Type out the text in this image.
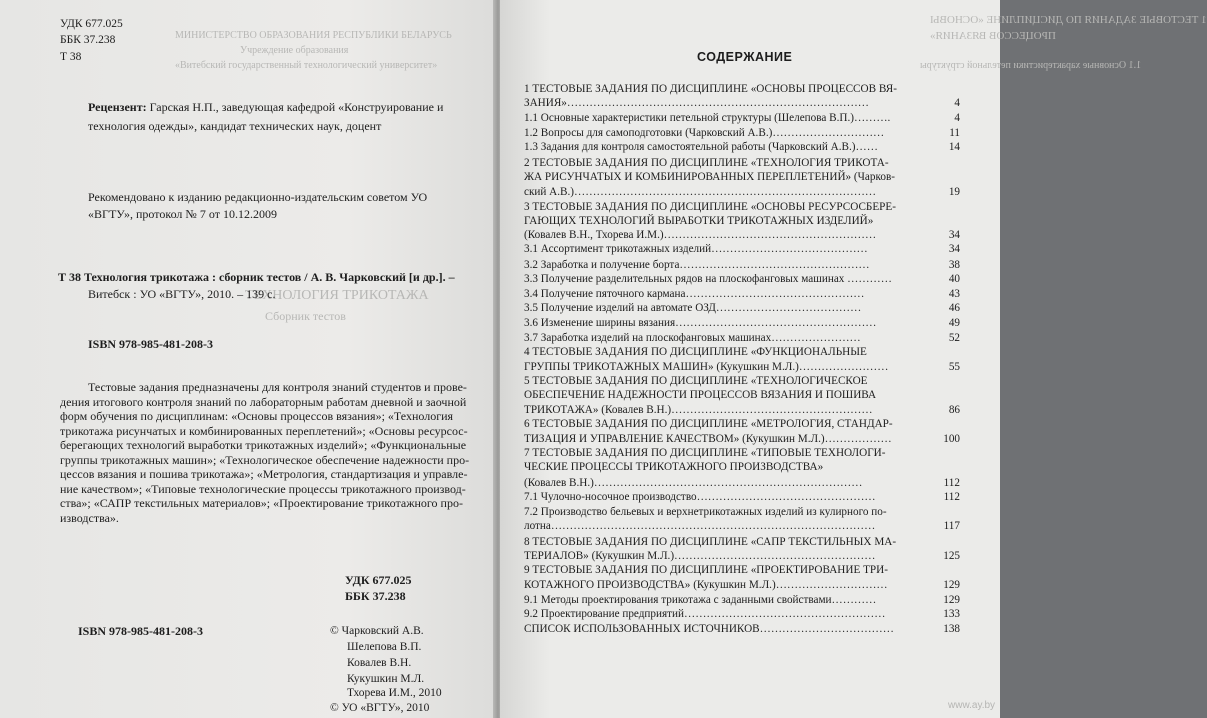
МИНИСТЕРСТВО ОБРАЗОВАНИЯ РЕСПУБЛИКИ БЕЛАРУСЬ
Учреждение образования
«Витебский государственный технологический университет»
ТЕХНОЛОГИЯ ТРИКОТАЖА
Сборник тестов
УДК 677.025
ББК 37.238
Т 38
Рецензент: Гарская Н.П., заведующая кафедрой «Конструирование и
технология одежды», кандидат технических наук, доцент
Рекомендовано к изданию редакционно-издательским советом УО
«ВГТУ», протокол № 7 от 10.12.2009
Т 38 Технология трикотажа : сборник тестов / А. В. Чарковский [и др.]. –
Витебск : УО «ВГТУ», 2010. – 139 с.
ISBN 978-985-481-208-3
Тестовые задания предназначены для контроля знаний студентов и прове-
дения итогового контроля знаний по лабораторным работам дневной и заочной
форм обучения по дисциплинам: «Основы процессов вязания»; «Технология
трикотажа рисунчатых и комбинированных переплетений»; «Основы ресурсос-
берегающих технологий выработки трикотажных изделий»; «Функциональные
группы трикотажных машин»; «Технологическое обеспечение надежности про-
цессов вязания и пошива трикотажа»; «Метрология, стандартизация и управле-
ние качеством»; «Типовые технологические процессы трикотажного производ-
ства»; «САПР текстильных материалов»; «Проектирование трикотажного про-
изводства».
УДК 677.025
ББК 37.238
ISBN 978-985-481-208-3	© Чарковский А.В.
Шелепова В.П.
Ковалев В.Н.
Кукушкин М.Л.
Тхорева И.М., 2010
© УО «ВГТУ», 2010
1 ТЕСТОВЫЕ ЗАДАНИЯ ПО ДИСЦИПЛИНЕ «ОСНОВЫ
ПРОЦЕССОВ ВЯЗАНИЯ»
1.1 Основные характеристики петельной структуры
www.ay.by
СОДЕРЖАНИЕ
1 ТЕСТОВЫЕ ЗАДАНИЯ ПО ДИСЦИПЛИНЕ «ОСНОВЫ ПРОЦЕССОВ ВЯ-
ЗАНИЯ»………………………………………………………………………	4
1.1 Основные характеристики петельной структуры (Шелепова В.П.)……….	4
1.2 Вопросы для самоподготовки (Чарковский А.В.)…………………………	11
1.3 Задания для контроля самостоятельной работы (Чарковский А.В.)……	14
2 ТЕСТОВЫЕ ЗАДАНИЯ ПО ДИСЦИПЛИНЕ «ТЕХНОЛОГИЯ ТРИКОТА-
ЖА РИСУНЧАТЫХ И КОМБИНИРОВАННЫХ ПЕРЕПЛЕТЕНИЙ» (Чарков-
ский А.В.)………………………………………………………………………	19
3 ТЕСТОВЫЕ ЗАДАНИЯ ПО ДИСЦИПЛИНЕ «ОСНОВЫ РЕСУРСОСБЕРЕ-
ГАЮЩИХ ТЕХНОЛОГИЙ ВЫРАБОТКИ ТРИКОТАЖНЫХ ИЗДЕЛИЙ»
(Ковалев В.Н., Тхорева И.М.)…………………………………………………	34
3.1 Ассортимент трикотажных изделий……………………………………	34
3.2 Заработка и получение борта……………………………………………	38
3.3 Получение разделительных рядов на плоскофанговых машинах …………	40
3.4 Получение пяточного кармана…………………………………………	43
3.5 Получение изделий на автомате ОЗД…………………………………	46
3.6 Изменение ширины вязания………………………………………………	49
3.7 Заработка изделий на плоскофанговых машинах……………………	52
4 ТЕСТОВЫЕ ЗАДАНИЯ ПО ДИСЦИПЛИНЕ «ФУНКЦИОНАЛЬНЫЕ
ГРУППЫ ТРИКОТАЖНЫХ МАШИН» (Кукушкин М.Л.)……………………	55
5 ТЕСТОВЫЕ ЗАДАНИЯ ПО ДИСЦИПЛИНЕ «ТЕХНОЛОГИЧЕСКОЕ
ОБЕСПЕЧЕНИЕ НАДЕЖНОСТИ ПРОЦЕССОВ ВЯЗАНИЯ И ПОШИВА
ТРИКОТАЖА» (Ковалев В.Н.)………………………………………………	86
6 ТЕСТОВЫЕ ЗАДАНИЯ ПО ДИСЦИПЛИНЕ «МЕТРОЛОГИЯ, СТАНДАР-
ТИЗАЦИЯ И УПРАВЛЕНИЕ КАЧЕСТВОМ» (Кукушкин М.Л.)………………	100
7 ТЕСТОВЫЕ ЗАДАНИЯ ПО ДИСЦИПЛИНЕ «ТИПОВЫЕ ТЕХНОЛОГИ-
ЧЕСКИЕ ПРОЦЕССЫ ТРИКОТАЖНОГО ПРОИЗВОДСТВА»
(Ковалев В.Н.)………………………………………………………………	112
7.1 Чулочно-носочное производство…………………………………………	112
7.2 Производство бельевых и верхнетрикотажных изделий из кулирного по-
лотна……………………………………………………………………………	117
8 ТЕСТОВЫЕ ЗАДАНИЯ ПО ДИСЦИПЛИНЕ «САПР ТЕКСТИЛЬНЫХ МА-
ТЕРИАЛОВ» (Кукушкин М.Л.)………………………………………………	125
9 ТЕСТОВЫЕ ЗАДАНИЯ ПО ДИСЦИПЛИНЕ «ПРОЕКТИРОВАНИЕ ТРИ-
КОТАЖНОГО ПРОИЗВОДСТВА» (Кукушкин М.Л.)…………………………	129
9.1 Методы проектирования трикотажа с заданными свойствами…………	129
9.2 Проектирование предприятий………………………………………………	133
СПИСОК ИСПОЛЬЗОВАННЫХ ИСТОЧНИКОВ………………………………	138
